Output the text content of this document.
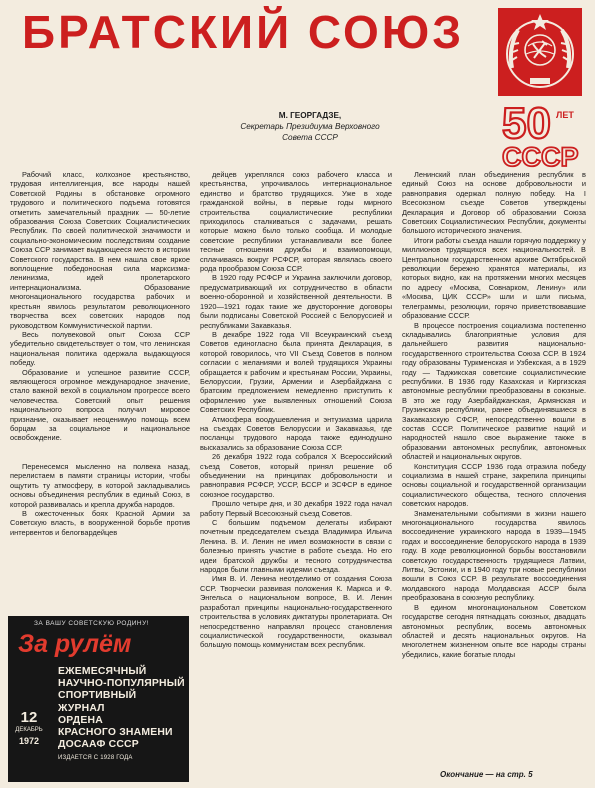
БРАТСКИЙ СОЮЗ
50 ЛЕТ
СССР
М. ГЕОРГАДЗЕ,
Секретарь Президиума Верховного
Совета СССР

Рабочий класс, колхозное крестьянство, трудовая интеллигенция, все народы нашей Советской Родины в обстановке огромного трудового и политического подъема готовятся отметить замечательный праздник — 50-летие образования Союза Советских Социалистических Республик. По своей политической значимости и социально-экономическим последствиям создание Союза ССР занимает выдающееся место в истории Советского государства. В нем нашла свое яркое воплощение победоносная сила марксизма-ленинизма, идей пролетарского интернационализма. Образование многонационального государства рабочих и крестьян явилось результатом революционного творчества всех советских народов под руководством Коммунистической партии.

Весь полувековой опыт Союза ССР убедительно свидетельствует о том, что ленинская национальная политика одержала выдающуюся победу.

Образование и успешное развитие СССР, являющегося огромное международное значение, стало важной вехой в социальном прогрессе всего человечества. Советский опыт решения национального вопроса получил мировое признание, оказывает неоценимую помощь всем борцам за социальное и национальное освобождение.

Перенесемся мысленно на полвека назад, перелистаем в памяти страницы истории, чтобы ощутить ту атмосферу, в которой закладывались основы объединения республик в единый Союз, в которой развивалась и крепла дружба народов.

В ожесточенных боях Красной Армии за Советскую власть, в вооруженной борьбе против интервентов и белогвардейцев

дейцев укреплялся союз рабочего класса и крестьянства, упрочивалось интернациональное единство и братство трудящихся. Уже в ходе гражданской войны, в первые годы мирного строительства социалистические республики приходилось сталкиваться с задачами, решать которые можно было только сообща. И молодые советские республики устанавливали все более тесные отношения дружбы и взаимопомощи, сплачиваясь вокруг РСФСР, которая являлась своего рода прообразом Союза ССР.

В 1920 году РСФСР и Украина заключили договор, предусматривающий их сотрудничество в области военно-оборонной и хозяйственной деятельности. В 1920—1921 годах такие же двусторонние договоры были подписаны Советской Россией с Белоруссией и республиками Закавказья.

В декабре 1922 года VII Всеукраинский съезд Советов единогласно была принята Декларация, в которой говорилось, что VII Съезд Советов в полном согласии с желаниями и волей трудящихся Украины обращается к рабочим и крестьянам России, Украины, Белоруссии, Грузии, Армении и Азербайджана с братским предложением немедленно приступить к оформлению уже выявленных отношений Союза Советских Республик.

Атмосфера воодушевления и энтузиазма царила на съездах Советов Белоруссии и Закавказья, где посланцы трудового народа также единодушно высказались за образование Союза ССР.

26 декабря 1922 года собрался X Всероссийский съезд Советов, который принял решение об объединении на принципах добровольности и равноправия РСФСР, УССР, БССР и ЗСФСР в единое союзное государство.

Прошло четыре дня, и 30 декабря 1922 года начал работу Первый Всесоюзный съезд Советов.

С большим подъемом делегаты избирают почетным председателем съезда Владимира Ильича Ленина. В. И. Ленин не имел возможности в связи с болезнью принять участие в работе съезда. Но его идеи братской дружбы и тесного сотрудничества народов были главными идеями съезда.

Имя В. И. Ленина неотделимо от создания Союза ССР. Творчески развивая положения К. Маркса и Ф. Энгельса о национальном вопросе, В. И. Ленин разработал принципы национально-государственного строительства в условиях диктатуры пролетариата. Он непосредственно направлял процесс становления социалистической государственности, оказывал большую помощь коммунистам всех республик.

Ленинский план объединения республик в единый Союз на основе добровольности и равноправия одержал полную победу. На I Всесоюзном съезде Советов утверждены Декларация и Договор об образовании Союза Советских Социалистических Республик, документы большого исторического значения.

Итоги работы съезда нашли горячую поддержку у миллионов трудящихся всех национальностей. В Центральном государственном архиве Октябрьской революции бережно хранятся материалы, из которых видно, как на протяжении многих месяцев по адресу «Москва, Совнарком, Ленину» или «Москва, ЦИК СССР» шли и шли письма, телеграммы, резолюции, горячо приветствовавшие образование СССР.

В процессе построения социализма постепенно складывались благоприятные условия для дальнейшего развития национально-государственного строительства Союза ССР. В 1924 году образованы Туркменская и Узбекская, а в 1929 году — Таджикская советские социалистические республики. В 1936 году Казахская и Киргизская автономные республики преобразованы в союзные. В это же году Азербайджанская, Армянская и Грузинская республики, ранее объединявшиеся в Закавказскую СФСР, непосредственно вошли в состав СССР. Политическое развитие наций и народностей нашло свое выражение также в образовании автономных республик, автономных областей и национальных округов.

Конституция СССР 1936 года отразила победу социализма в нашей стране, закрепила принципы основы социальной и государственной организации социалистического общества, тесного сплочения советских народов.

Знаменательными событиями в жизни нашего многонационального государства явилось воссоединение украинского народа в 1939—1945 годах и воссоединение белорусского народа в 1939 году. В ходе революционной борьбы восстановили советскую государственность трудящиеся Латвии, Литвы, Эстонии, и в 1940 году три новые республики вошли в Союз ССР. В результате воссоединения молдавского народа Молдавская АССР была преобразована в союзную республику.

В едином многонациональном Советском государстве сегодня пятнадцать союзных, двадцать автономных республик, восемь автономных областей и десять национальных округов. На многолетнем жизненном опыте все народы страны убедились, какие богатые плоды

ЗА ВАШУ СОВЕТСКУЮ РОДИНУ!
За рулём
12
ДЕКАБРЬ
1972
ЕЖЕМЕСЯЧНЫЙ
НАУЧНО-ПОПУЛЯРНЫЙ
СПОРТИВНЫЙ
ЖУРНАЛ
ОРДЕНА
КРАСНОГО ЗНАМЕНИ
ДОСААФ СССР
ИЗДАЕТСЯ С 1928 ГОДА
Окончание — на стр. 5
